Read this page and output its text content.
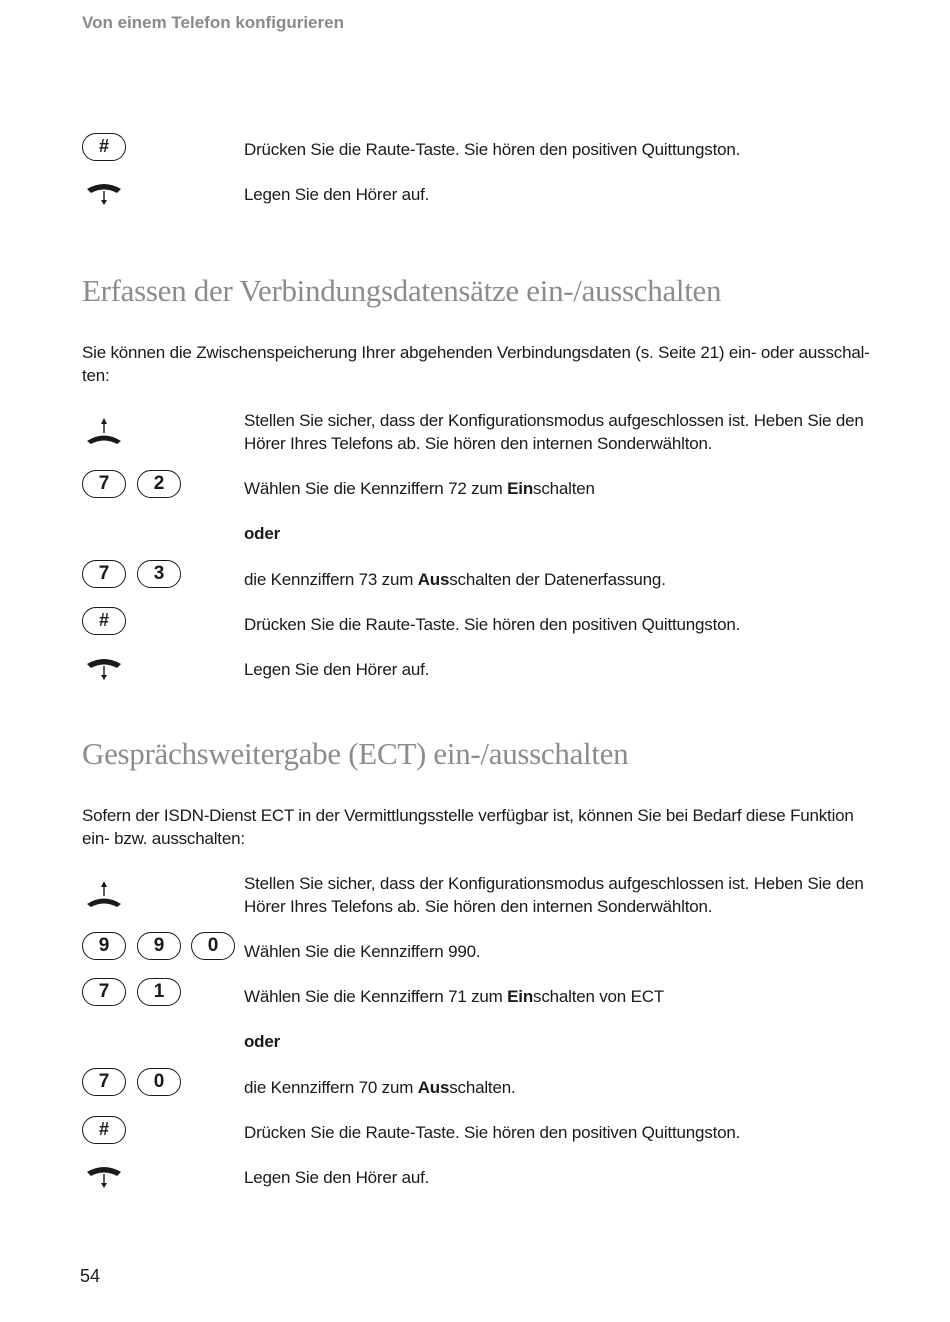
Von einem Telefon konfigurieren
#	Drücken Sie die Raute-Taste. Sie hören den positiven Quittungston.
Legen Sie den Hörer auf.
Erfassen der Verbindungsdatensätze ein-/ausschalten
Sie können die Zwischenspeicherung Ihrer abgehenden Verbindungsdaten (s. Seite 21) ein- oder ausschal-
ten:
Stellen Sie sicher, dass der Konfigurationsmodus aufgeschlossen ist. Heben Sie den
Hörer Ihres Telefons ab. Sie hören den internen Sonderwählton.
7	2	Wählen Sie die Kennziffern 72 zum Einschalten
oder
7	3	die Kennziffern 73 zum Ausschalten der Datenerfassung.
#	Drücken Sie die Raute-Taste. Sie hören den positiven Quittungston.
Legen Sie den Hörer auf.
Gesprächsweitergabe (ECT) ein-/ausschalten
Sofern der ISDN-Dienst ECT in der Vermittlungsstelle verfügbar ist, können Sie bei Bedarf diese Funktion
ein- bzw. ausschalten:
Stellen Sie sicher, dass der Konfigurationsmodus aufgeschlossen ist. Heben Sie den
Hörer Ihres Telefons ab. Sie hören den internen Sonderwählton.
9	9	0	Wählen Sie die Kennziffern 990.
7	1	Wählen Sie die Kennziffern 71 zum Einschalten von ECT
oder
7	0	die Kennziffern 70 zum Ausschalten.
#	Drücken Sie die Raute-Taste. Sie hören den positiven Quittungston.
Legen Sie den Hörer auf.
54
